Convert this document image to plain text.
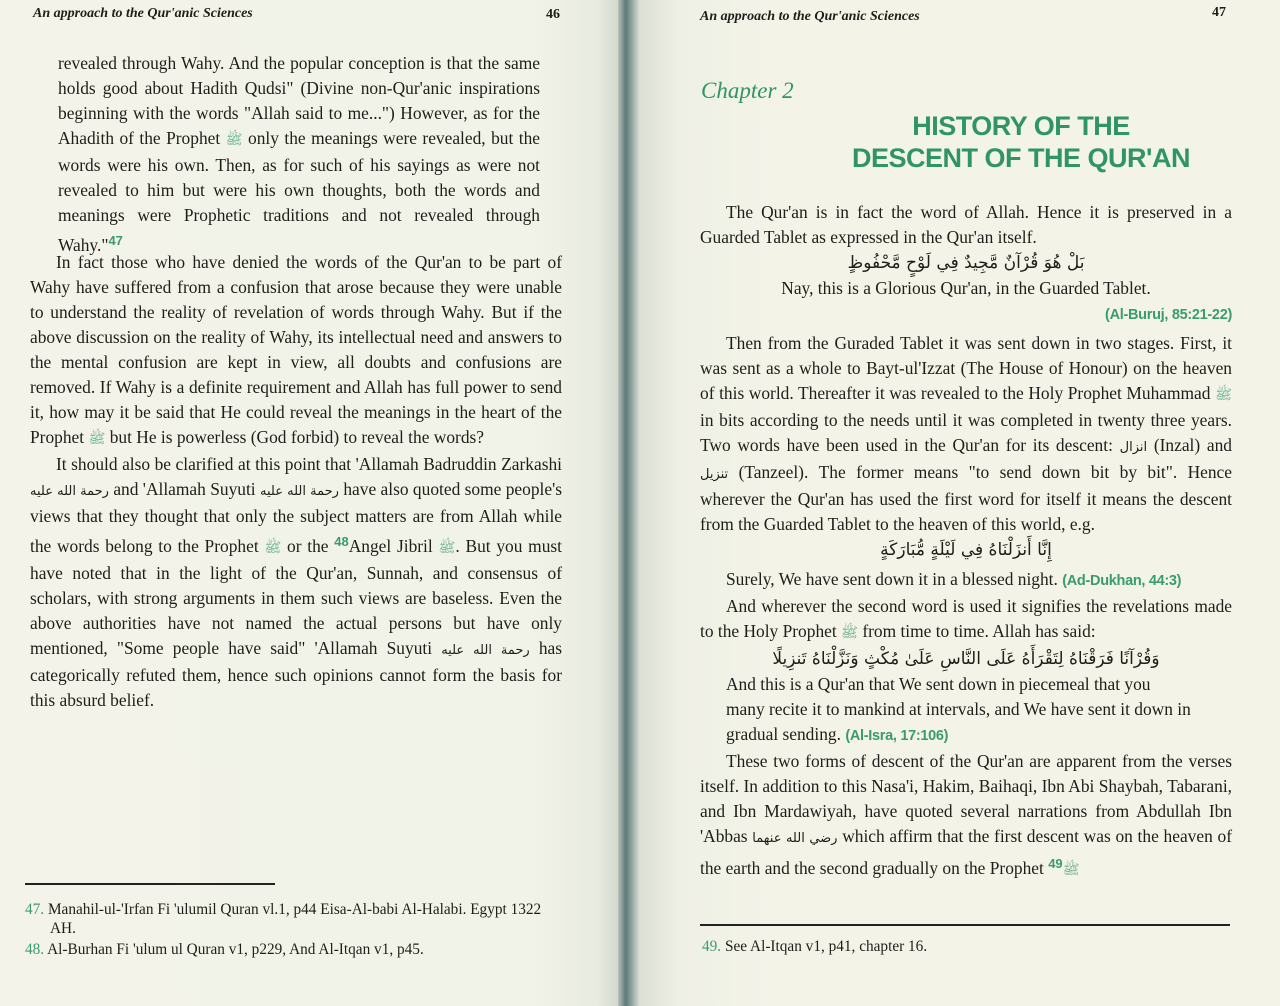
An approach to the Qur'anic Sciences	46

revealed through Wahy. And the popular conception is that the same holds good about Hadith Qudsi" (Divine non-Qur'anic inspirations beginning with the words "Allah said to me...") However, as for the Ahadith of the Prophet ﷺ only the meanings were revealed, but the words were his own. Then, as for such of his sayings as were not revealed to him but were his own thoughts, both the words and meanings were Prophetic traditions and not revealed through Wahy."$^{47}$

In fact those who have denied the words of the Qur'an to be part of Wahy have suffered from a confusion that arose because they were unable to understand the reality of revelation of words through Wahy. But if the above discussion on the reality of Wahy, its intellectual need and answers to the mental confusion are kept in view, all doubts and confusions are removed. If Wahy is a definite requirement and Allah has full power to send it, how may it be said that He could reveal the meanings in the heart of the Prophet ﷺ but He is powerless (God forbid) to reveal the words?

It should also be clarified at this point that 'Allamah Badruddin Zarkashi رحمة الله عليه and 'Allamah Suyuti رحمة الله عليه have also quoted some people's views that they thought that only the subject matters are from Allah while the words belong to the Prophet ﷺ or the $^{48}$Angel Jibril ﷺ. But you must have noted that in the light of the Qur'an, Sunnah, and consensus of scholars, with strong arguments in them such views are baseless. Even the above authorities have not named the actual persons but have only mentioned, "Some people have said" 'Allamah Suyuti رحمة الله عليه has categorically refuted them, hence such opinions cannot form the basis for this absurd belief.

47. Manahil-ul-'Irfan Fi 'ulumil Quran vl.1, p44 Eisa-Al-babi Al-Halabi. Egypt 1322 AH.
48. Al-Burhan Fi 'ulum ul Quran v1, p229, And Al-Itqan v1, p45.
An approach to the Qur'anic Sciences	47
Chapter 2
HISTORY OF THE
DESCENT OF THE QUR'AN

The Qur'an is in fact the word of Allah. Hence it is preserved in a Guarded Tablet as expressed in the Qur'an itself.

بَلْ هُوَ قُرْآنٌ مَّجِيدٌ فِي لَوْحٍ مَّحْفُوظٍ
Nay, this is a Glorious Qur'an, in the Guarded Tablet.
(Al-Buruj, 85:21-22)

Then from the Guraded Tablet it was sent down in two stages. First, it was sent as a whole to Bayt-ul'Izzat (The House of Honour) on the heaven of this world. Thereafter it was revealed to the Holy Prophet Muhammad ﷺ in bits according to the needs until it was completed in twenty three years. Two words have been used in the Qur'an for its descent: انزال (Inzal) and تنزيل (Tanzeel). The former means "to send down bit by bit". Hence wherever the Qur'an has used the first word for itself it means the descent from the Guarded Tablet to the heaven of this world, e.g.

إِنَّا أَنزَلْنَاهُ فِي لَيْلَةٍ مُّبَارَكَةٍ
Surely, We have sent down it in a blessed night. (Ad-Dukhan, 44:3)

And wherever the second word is used it signifies the revelations made to the Holy Prophet ﷺ from time to time. Allah has said:

وَقُرْآنًا فَرَقْنَاهُ لِتَقْرَأَهُ عَلَى النَّاسِ عَلَىٰ مُكْثٍ وَنَزَّلْنَاهُ تَنزِيلًا
And this is a Qur'an that We sent down in piecemeal that you many recite it to mankind at intervals, and We have sent it down in gradual sending. (Al-Isra, 17:106)

These two forms of descent of the Qur'an are apparent from the verses itself. In addition to this Nasa'i, Hakim, Baihaqi, Ibn Abi Shaybah, Tabarani, and Ibn Mardawiyah, have quoted several narrations from Abdullah Ibn 'Abbas رضي الله عنهما which affirm that the first descent was on the heaven of the earth and the second gradually on the Prophet ﷺ$^{49}$

49. See Al-Itqan v1, p41, chapter 16.
